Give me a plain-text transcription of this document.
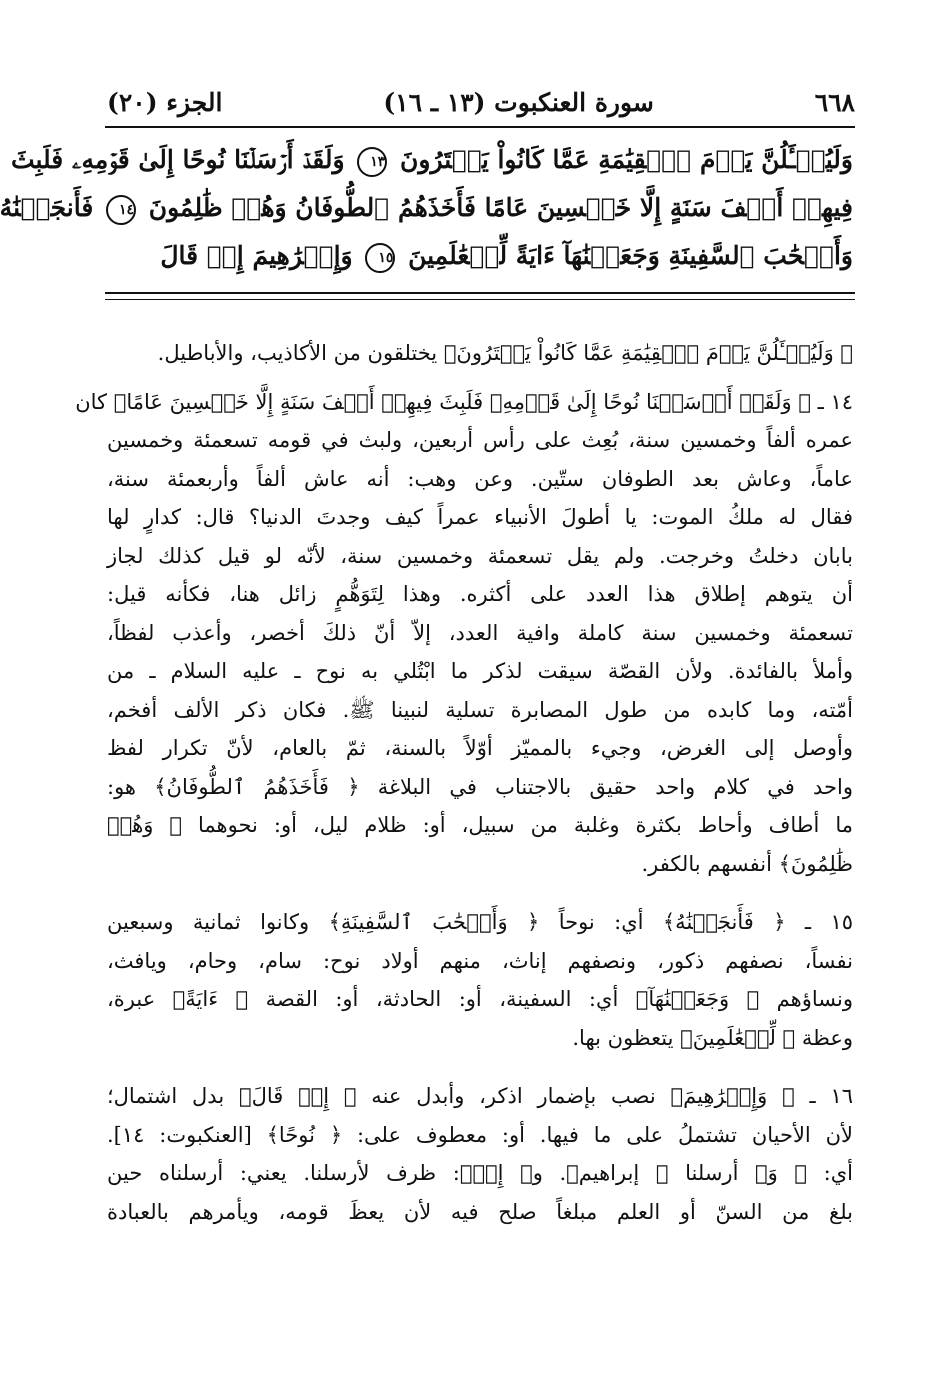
٦٦٨
سورة العنكبوت (١٣ ـ ١٦)
الجزء (٢٠)
وَلَيُسۡـَٔلُنَّ يَوۡمَ ٱلۡقِيَٰمَةِ عَمَّا كَانُواْ يَفۡتَرُونَ ١٣ وَلَقَدۡ أَرۡسَلۡنَا نُوحًا إِلَىٰ قَوۡمِهِۦ فَلَبِثَ
فِيهِمۡ أَلۡفَ سَنَةٍ إِلَّا خَمۡسِينَ عَامًا فَأَخَذَهُمُ ٱلطُّوفَانُ وَهُمۡ ظَٰلِمُونَ ١٤ فَأَنجَيۡنَٰهُ
وَأَصۡحَٰبَ ٱلسَّفِينَةِ وَجَعَلۡنَٰهَآ ءَايَةً لِّلۡعَٰلَمِينَ ١٥ وَإِبۡرَٰهِيمَ إِذۡ قَالَ
﴿ وَلَيُسۡـَٔلُنَّ يَوۡمَ ٱلۡقِيَٰمَةِ عَمَّا كَانُواْ يَفۡتَرُونَ﴾ يختلقون من الأكاذيب، والأباطيل.
١٤ ـ ﴿ وَلَقَدۡ أَرۡسَلۡنَا نُوحًا إِلَىٰ قَوۡمِهِۦ فَلَبِثَ فِيهِمۡ أَلۡفَ سَنَةٍ إِلَّا خَمۡسِينَ عَامًا﴾ كان
عمره ألفاً وخمسين سنة، بُعِث على رأس أربعين، ولبث في قومه تسعمئة وخمسين
عاماً، وعاش بعد الطوفان ستّين. وعن وهب: أنه عاش ألفاً وأربعمئة سنة،
فقال له ملكُ الموت: يا أطولَ الأنبياء عمراً كيف وجدتَ الدنيا؟ قال: كدارٍ لها
بابان دخلتُ وخرجت. ولم يقل تسعمئة وخمسين سنة، لأنّه لو قيل كذلك لجاز
أن يتوهم إطلاق هذا العدد على أكثره. وهذا لِتَوَهُّمٍ زائل هنا، فكأنه قيل:
تسعمئة وخمسين سنة كاملة وافية العدد، إلاّ أنّ ذلكَ أخصر، وأعذب لفظاً،
وأملأ بالفائدة. ولأن القصّة سيقت لذكر ما ابْتُلي به نوح ـ عليه السلام ـ من
أمّته، وما كابده من طول المصابرة تسلية لنبينا ﷺ. فكان ذكر الألف أفخم،
وأوصل إلى الغرض، وجيء بالمميّز أوّلاً بالسنة، ثمّ بالعام، لأنّ تكرار لفظ
واحد في كلام واحد حقيق بالاجتناب في البلاغة ﴿ فَأَخَذَهُمُ ٱلطُّوفَانُ﴾ هو:
ما أطاف وأحاط بكثرة وغلبة من سبيل، أو: ظلام ليل، أو: نحوهما ﴿ وَهُمۡ
ظَٰلِمُونَ﴾ أنفسهم بالكفر.
١٥ ـ ﴿ فَأَنجَيۡنَٰهُ﴾ أي: نوحاً ﴿ وَأَصۡحَٰبَ ٱلسَّفِينَةِ﴾ وكانوا ثمانية وسبعين
نفساً، نصفهم ذكور، ونصفهم إناث، منهم أولاد نوح: سام، وحام، ويافث،
ونساؤهم ﴿ وَجَعَلۡنَٰهَآ﴾ أي: السفينة، أو: الحادثة، أو: القصة ﴿ ءَايَةً﴾ عبرة،
وعظة ﴿ لِّلۡعَٰلَمِينَ﴾ يتعظون بها.
١٦ ـ ﴿ وَإِبۡرَٰهِيمَ﴾ نصب بإضمار اذكر، وأبدل عنه ﴿ إِذۡ قَالَ﴾ بدل اشتمال؛
لأن الأحيان تشتملُ على ما فيها. أو: معطوف على: ﴿ نُوحًا﴾ [العنكبوت: ١٤].
أي: ﴿ وَ﴾ أرسلنا ﴿ إبراهيم﴾. و﴿ إِذۡ﴾: ظرف لأرسلنا. يعني: أرسلناه حين
بلغ من السنّ أو العلم مبلغاً صلح فيه لأن يعظَ قومه، ويأمرهم بالعبادة
